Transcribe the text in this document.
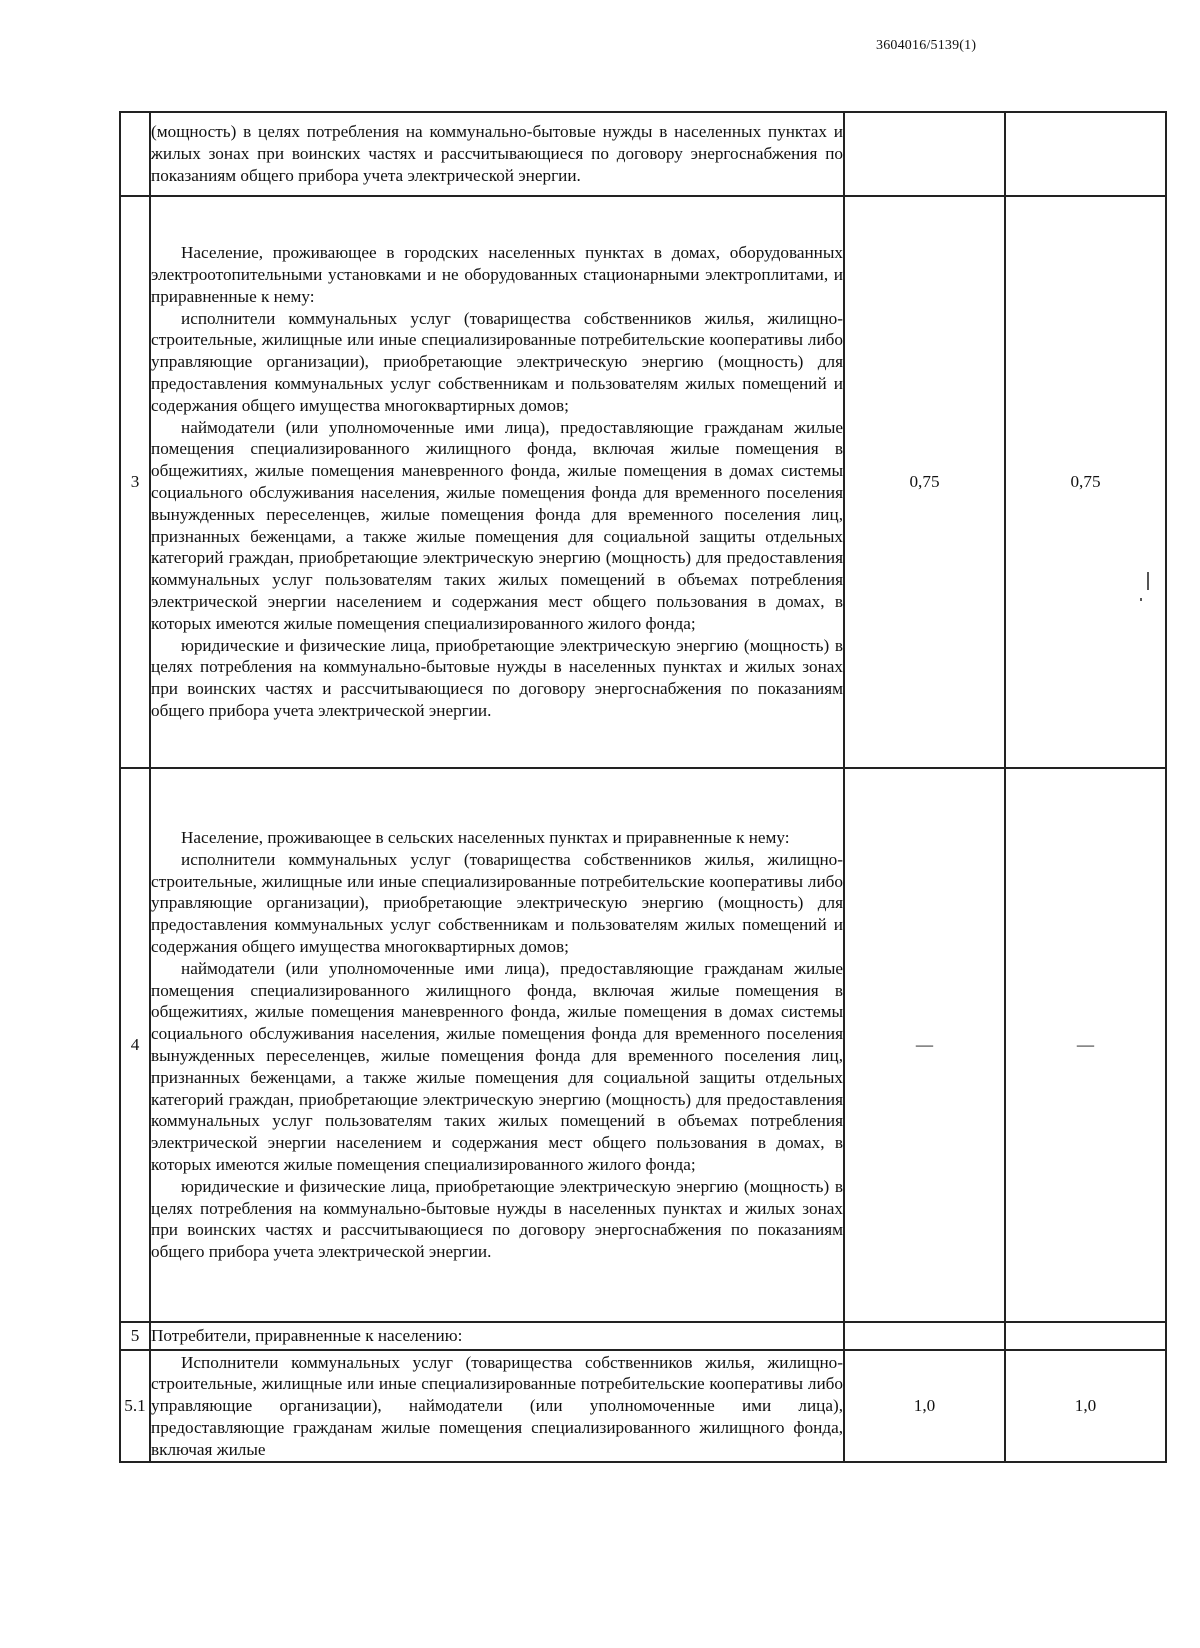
3604016/5139(1)

	(мощность) в целях потребления на коммунально-бытовые нужды в населенных пунктах и жилых зонах при воинских частях и рассчитывающиеся по договору энергоснабжения по показаниям общего прибора учета электрической энергии.		

3	Население, проживающее в городских населенных пунктах в домах, оборудованных электроотопительными установками и не оборудованных стационарными электроплитами, и приравненные к нему:
исполнители коммунальных услуг (товарищества собственников жилья, жилищно-строительные, жилищные или иные специализированные потребительские кооперативы либо управляющие организации), приобретающие электрическую энергию (мощность) для предоставления коммунальных услуг собственникам и пользователям жилых помещений и содержания общего имущества многоквартирных домов;
наймодатели (или уполномоченные ими лица), предоставляющие гражданам жилые помещения специализированного жилищного фонда, включая жилые помещения в общежитиях, жилые помещения маневренного фонда, жилые помещения в домах системы социального обслуживания населения, жилые помещения фонда для временного поселения вынужденных переселенцев, жилые помещения фонда для временного поселения лиц, признанных беженцами, а также жилые помещения для социальной защиты отдельных категорий граждан, приобретающие электрическую энергию (мощность) для предоставления коммунальных услуг пользователям таких жилых помещений в объемах потребления электрической энергии населением и содержания мест общего пользования в домах, в которых имеются жилые помещения специализированного жилого фонда;
юридические и физические лица, приобретающие электрическую энергию (мощность) в целях потребления на коммунально-бытовые нужды в населенных пунктах и жилых зонах при воинских частях и рассчитывающиеся по договору энергоснабжения по показаниям общего прибора учета электрической энергии.	0,75	0,75
4	Население, проживающее в сельских населенных пунктах и приравненные к нему:
исполнители коммунальных услуг (товарищества собственников жилья, жилищно-строительные, жилищные или иные специализированные потребительские кооперативы либо управляющие организации), приобретающие электрическую энергию (мощность) для предоставления коммунальных услуг собственникам и пользователям жилых помещений и содержания общего имущества многоквартирных домов;
наймодатели (или уполномоченные ими лица), предоставляющие гражданам жилые помещения специализированного жилищного фонда, включая жилые помещения в общежитиях, жилые помещения маневренного фонда, жилые помещения в домах системы социального обслуживания населения, жилые помещения фонда для временного поселения вынужденных переселенцев, жилые помещения фонда для временного поселения лиц, признанных беженцами, а также жилые помещения для социальной защиты отдельных категорий граждан, приобретающие электрическую энергию (мощность) для предоставления коммунальных услуг пользователям таких жилых помещений в объемах потребления электрической энергии населением и содержания мест общего пользования в домах, в которых имеются жилые помещения специализированного жилого фонда;
юридические и физические лица, приобретающие электрическую энергию (мощность) в целях потребления на коммунально-бытовые нужды в населенных пунктах и жилых зонах при воинских частях и рассчитывающиеся по договору энергоснабжения по показаниям общего прибора учета электрической энергии.	—	—
5	Потребители, приравненные к населению:		

5.1	Исполнители коммунальных услуг (товарищества собственников жилья, жилищно-строительные, жилищные или иные специализированные потребительские кооперативы либо управляющие организации), наймодатели (или уполномоченные ими лица), предоставляющие гражданам жилые помещения специализированного жилищного фонда, включая жилые	1,0	1,0
